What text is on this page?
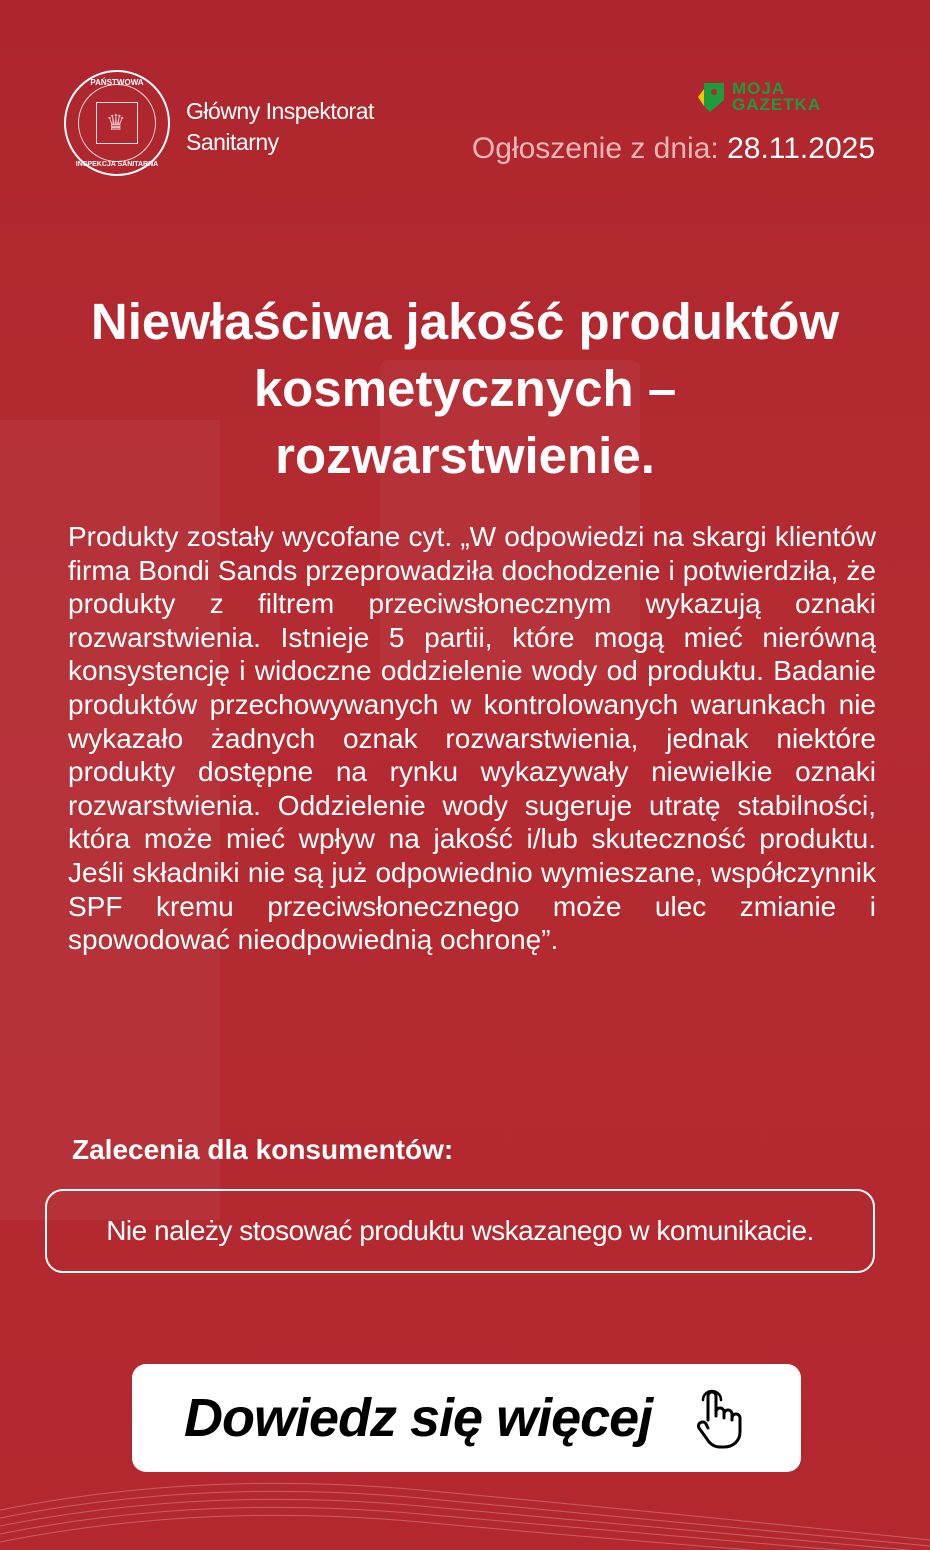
PAŃSTWOWA
♛
INSPEKCJA SANITARNA
Główny Inspektorat
Sanitarny
MOJA
GAZETKA
Ogłoszenie z dnia: 28.11.2025
Niewłaściwa jakość produktów
kosmetycznych –
rozwarstwienie.

Produkty zostały wycofane cyt. „W odpowiedzi na skargi klientów firma Bondi Sands przeprowadziła dochodzenie i potwierdziła, że produkty z filtrem przeciwsłonecznym wykazują oznaki rozwarstwienia. Istnieje 5 partii, które mogą mieć nierówną konsystencję i widoczne oddzielenie wody od produktu. Badanie produktów przechowywanych w kontrolowanych warunkach nie wykazało żadnych oznak rozwarstwienia, jednak niektóre produkty dostępne na rynku wykazywały niewielkie oznaki rozwarstwienia. Oddzielenie wody sugeruje utratę stabilności, która może mieć wpływ na jakość i/lub skuteczność produktu. Jeśli składniki nie są już odpowiednio wymieszane, współczynnik SPF kremu przeciwsłonecznego może ulec zmianie i spowodować nieodpowiednią ochronę”.

Zalecenia dla konsumentów:
Nie należy stosować produktu wskazanego w komunikacie.
Dowiedz się więcej
